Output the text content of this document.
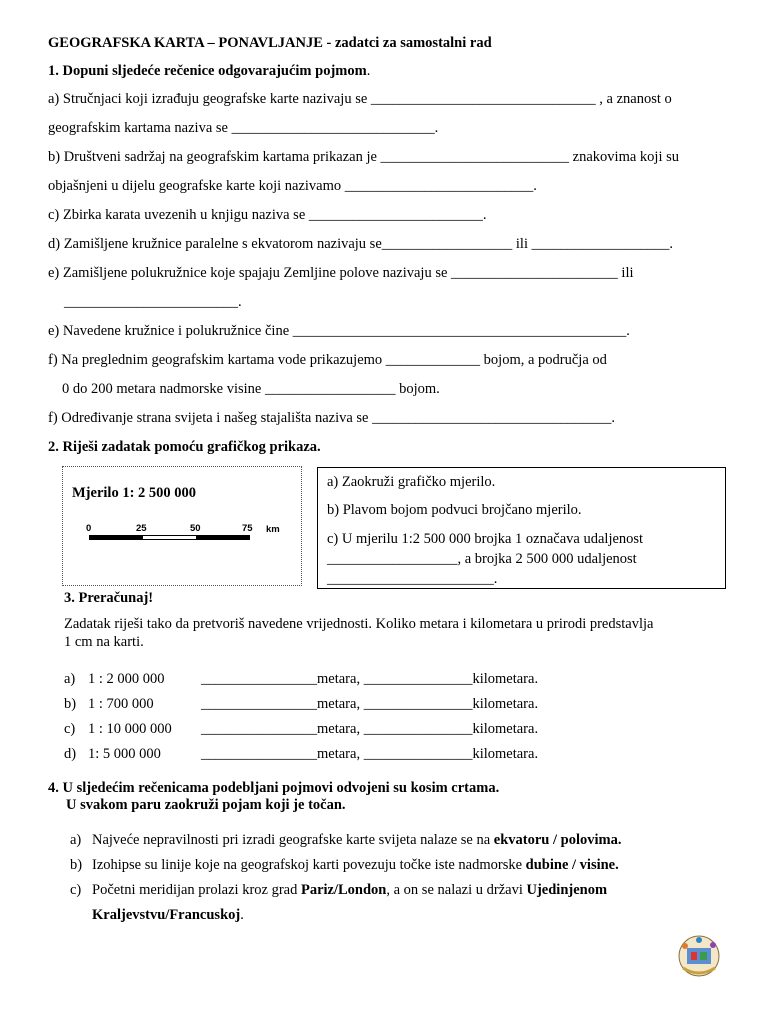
GEOGRAFSKA KARTA – PONAVLJANJE - zadatci za samostalni rad
1. Dopuni sljedeće rečenice odgovarajućim pojmom.
a) Stručnjaci koji izrađuju geografske karte nazivaju se _______________________________ , a znanost o
geografskim kartama naziva se ____________________________.
b) Društveni sadržaj na geografskim kartama prikazan je __________________________ znakovima koji su
objašnjeni u dijelu geografske karte koji nazivamo __________________________.
c) Zbirka karata uvezenih u knjigu naziva se ________________________.
d) Zamišljene kružnice paralelne s ekvatorom nazivaju se__________________ ili ___________________.
e) Zamišljene polukružnice koje spajaju Zemljine polove nazivaju se _______________________ ili
________________________.
e) Navedene kružnice i polukružnice čine ______________________________________________.
f) Na preglednim geografskim kartama vode prikazujemo _____________ bojom, a područja od
0 do 200 metara nadmorske visine __________________ bojom.
f) Određivanje strana svijeta i našeg stajališta naziva se _________________________________.
2. Riješi zadatak pomoću grafičkog prikaza.
Mjerilo 1: 2 500 000
0	25	50	75 km
a) Zaokruži grafičko mjerilo.
b) Plavom bojom podvuci brojčano mjerilo.
c) U mjerilu 1:2 500 000 brojka 1 označava udaljenost
__________________, a brojka 2 500 000 udaljenost
_______________________.
3. Preračunaj!
Zadatak riješi tako da pretvoriš navedene vrijednosti. Koliko metara i kilometara u prirodi predstavlja
1 cm na karti.
a) 1 : 2 000 000	________________metara, _______________kilometara.
b) 1 : 700 000	________________metara, _______________kilometara.
c) 1 : 10 000 000 ________________metara, _______________kilometara.
d) 1: 5 000 000	________________metara, _______________kilometara.
4. U sljedećim rečenicama podebljani pojmovi odvojeni su kosim crtama.
U svakom paru zaokruži pojam koji je točan.
a) Najveće nepravilnosti pri izradi geografske karte svijeta nalaze se na ekvatoru / polovima.
b) Izohipse su linije koje na geografskoj karti povezuju točke iste nadmorske dubine / visine.
c) Početni meridijan prolazi kroz grad Pariz/London, a on se nalazi u državi Ujedinjenom
Kraljevstvu/Francuskoj.
